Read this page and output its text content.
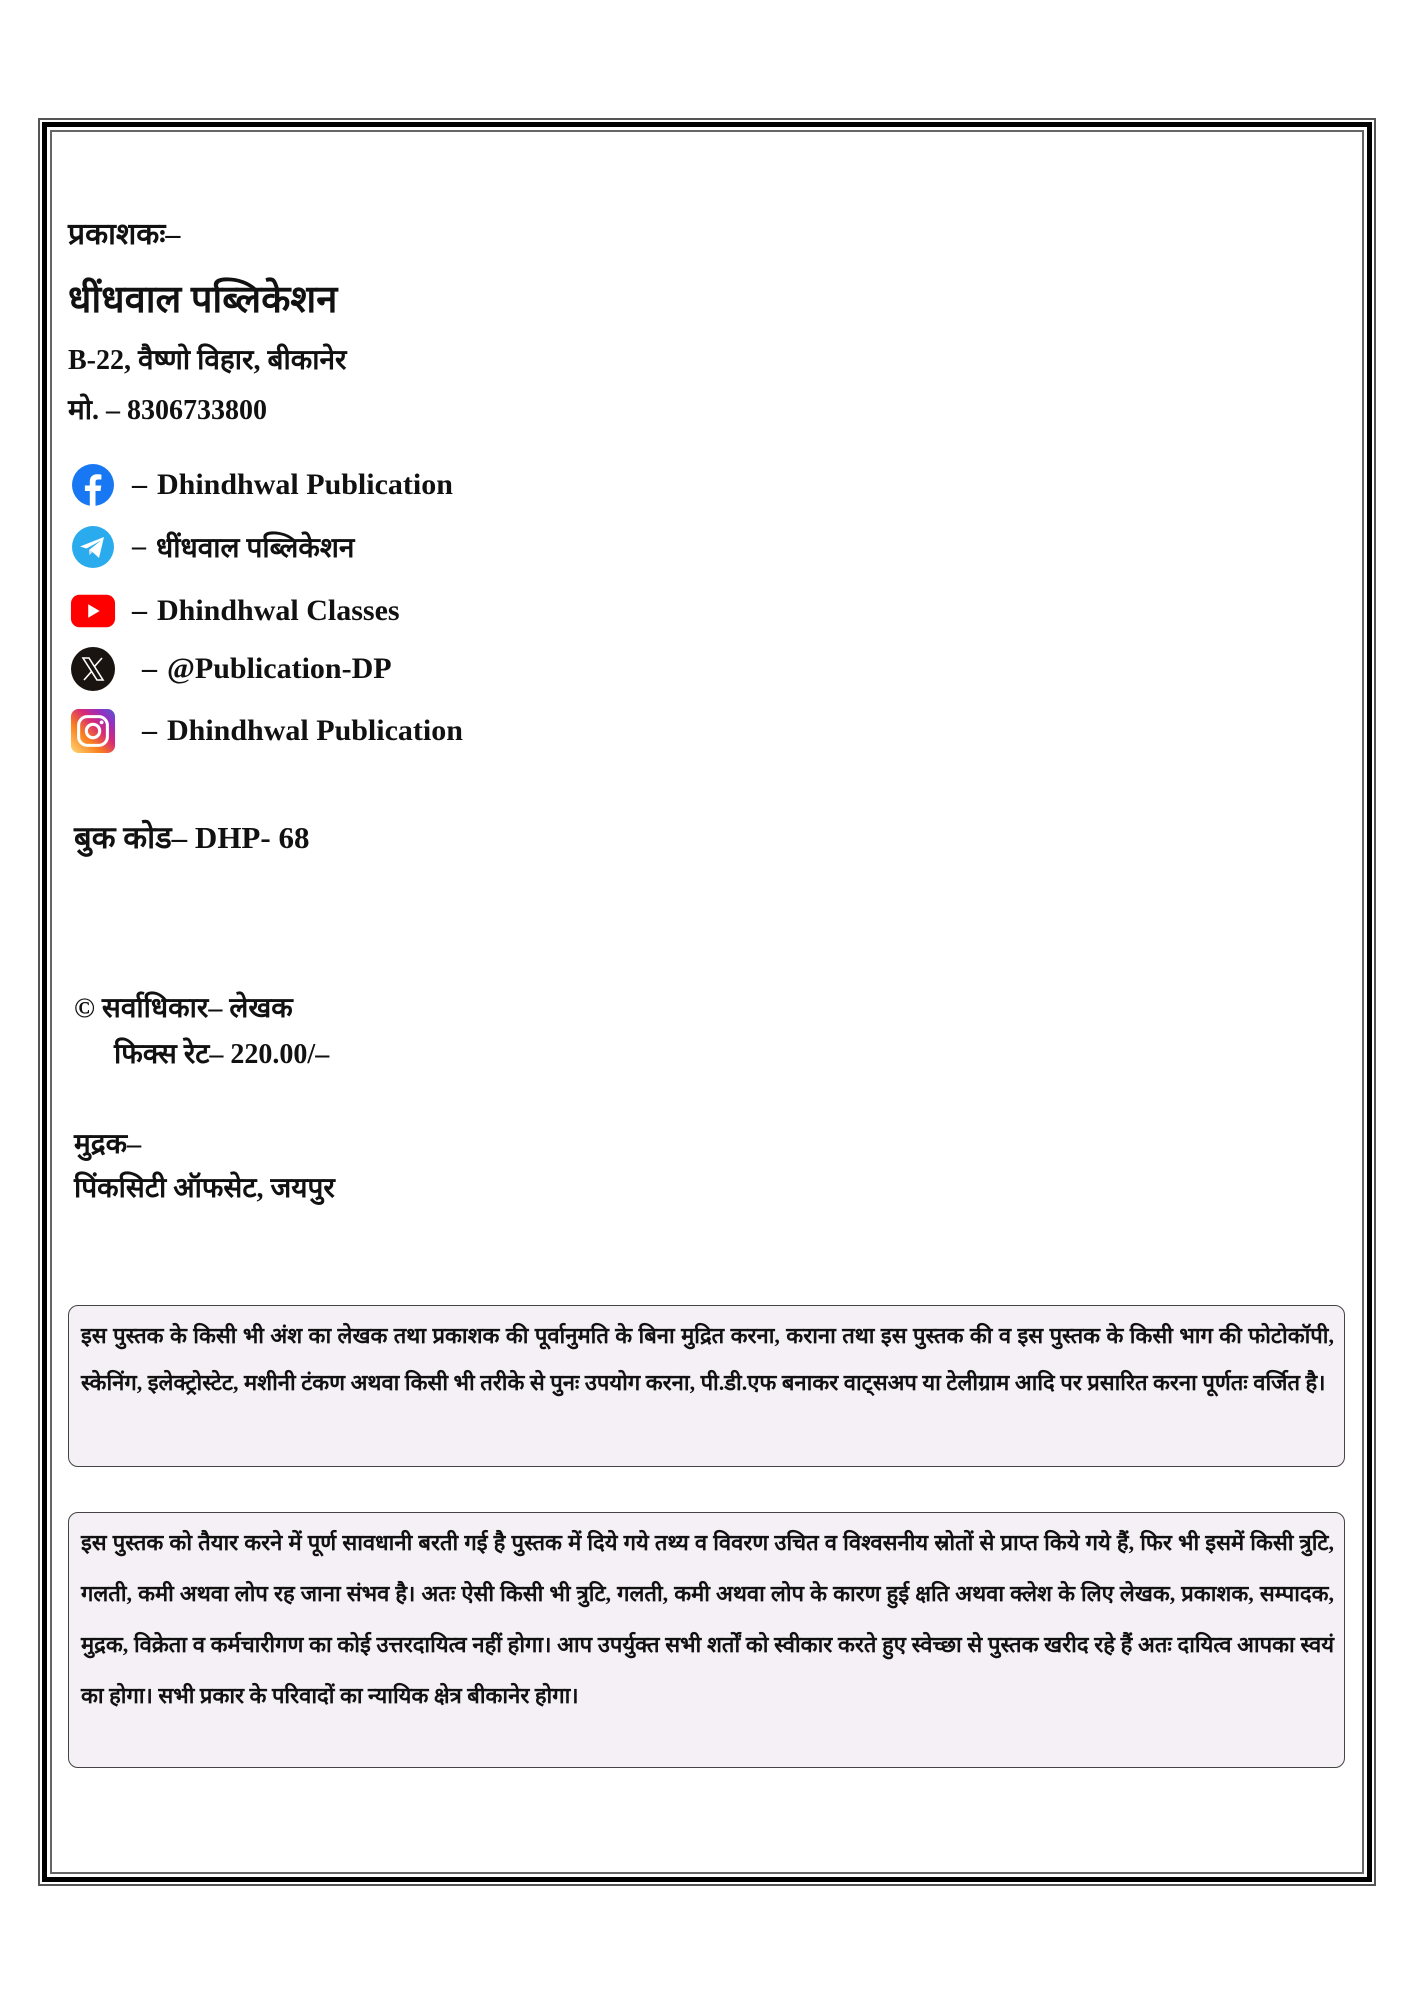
प्रकाशकः–
धींधवाल पब्लिकेशन
B-22, वैष्णो विहार, बीकानेर
मो. – 8306733800
– Dhindhwal Publication
– धींधवाल पब्लिकेशन
– Dhindhwal Classes
– @Publication-DP
– Dhindhwal Publication
बुक कोड– DHP- 68
© सर्वाधिकार– लेखक
फिक्स रेट– 220.00/–
मुद्रक–
पिंकसिटी ऑफसेट, जयपुर

इस पुस्तक के किसी भी अंश का लेखक तथा प्रकाशक की पूर्वानुमति के बिना मुद्रित करना, कराना तथा इस पुस्तक की व इस पुस्तक के किसी भाग की फोटोकॉपी, स्केनिंग, इलेक्ट्रोस्टेट, मशीनी टंकण अथवा किसी भी तरीके से पुनः उपयोग करना, पी.डी.एफ बनाकर वाट्सअप या टेलीग्राम आदि पर प्रसारित करना पूर्णतः वर्जित है।

इस पुस्तक को तैयार करने में पूर्ण सावधानी बरती गई है पुस्तक में दिये गये तथ्य व विवरण उचित व विश्वसनीय स्रोतों से प्राप्त किये गये हैं, फिर भी इसमें किसी त्रुटि, गलती, कमी अथवा लोप रह जाना संभव है। अतः ऐसी किसी भी त्रुटि, गलती, कमी अथवा लोप के कारण हुई क्षति अथवा क्लेश के लिए लेखक, प्रकाशक, सम्पादक, मुद्रक, विक्रेता व कर्मचारीगण का कोई उत्तरदायित्व नहीं होगा। आप उपर्युक्त सभी शर्तों को स्वीकार करते हुए स्वेच्छा से पुस्तक खरीद रहे हैं अतः दायित्व आपका स्वयं का होगा। सभी प्रकार के परिवादों का न्यायिक क्षेत्र बीकानेर होगा।
